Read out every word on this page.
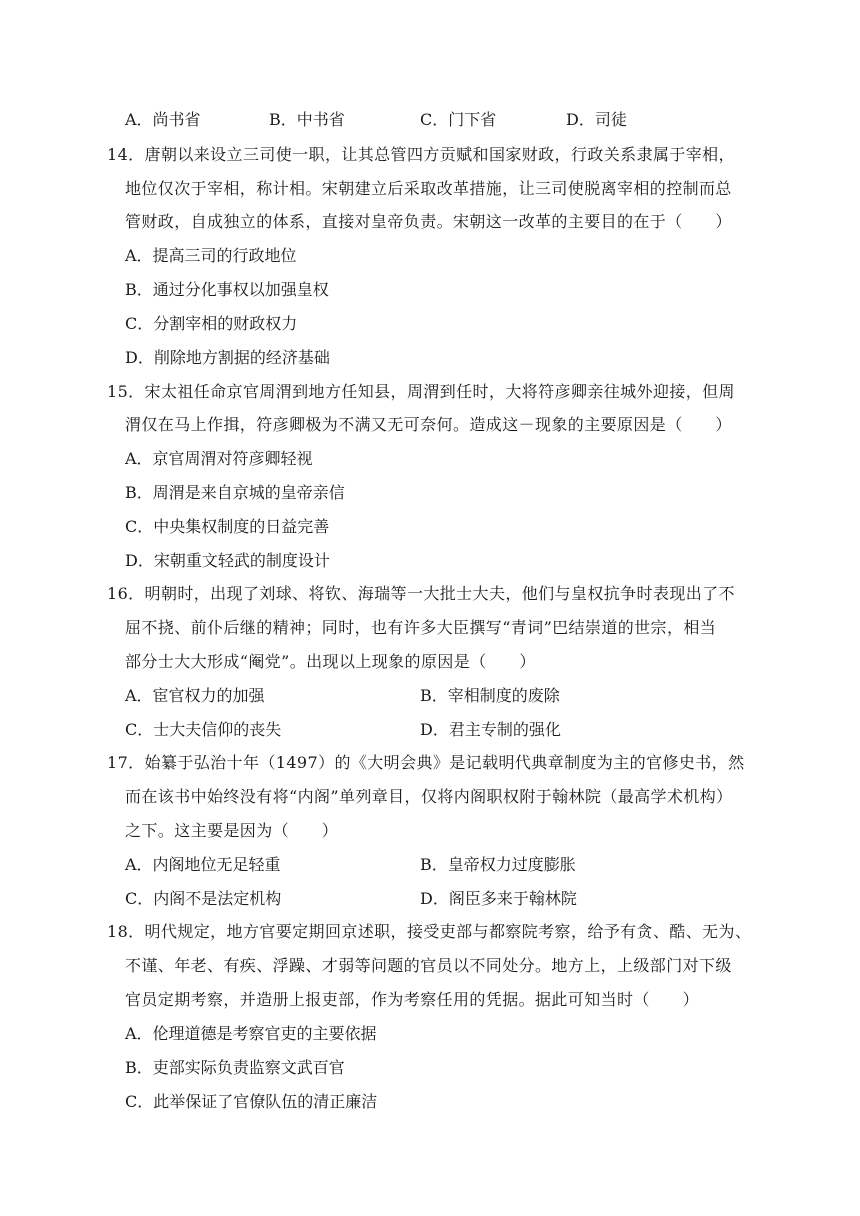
A．尚书省	B．中书省	C．门下省	D．司徒
14．唐朝以来设立三司使一职，让其总管四方贡赋和国家财政，行政关系隶属于宰相，
地位仅次于宰相，称计相。宋朝建立后采取改革措施，让三司使脱离宰相的控制而总
管财政，自成独立的体系，直接对皇帝负责。宋朝这一改革的主要目的在于（　　）
A．提高三司的行政地位
B．通过分化事权以加强皇权
C．分割宰相的财政权力
D．削除地方割据的经济基础
15．宋太祖任命京官周渭到地方任知县，周渭到任时，大将符彦卿亲往城外迎接，但周
渭仅在马上作揖，符彦卿极为不满又无可奈何。造成这－现象的主要原因是（　　）
A．京官周渭对符彦卿轻视
B．周渭是来自京城的皇帝亲信
C．中央集权制度的日益完善
D．宋朝重文轻武的制度设计
16．明朝时，出现了刘球、将钦、海瑞等一大批士大夫，他们与皇权抗争时表现出了不
屈不挠、前仆后继的精神；同时，也有许多大臣撰写“青词”巴结崇道的世宗，相当
部分士大大形成“阉党”。出现以上现象的原因是（　　）
A．宦官权力的加强	B．宰相制度的废除
C．士大夫信仰的丧失	D．君主专制的强化
17．始纂于弘治十年（1497）的《大明会典》是记载明代典章制度为主的官修史书，然
而在该书中始终没有将“内阁”单列章目，仅将内阁职权附于翰林院（最高学术机构）
之下。这主要是因为（　　）
A．内阁地位无足轻重	B．皇帝权力过度膨胀
C．内阁不是法定机构	D．阁臣多来于翰林院
18．明代规定，地方官要定期回京述职，接受吏部与都察院考察，给予有贪、酷、无为、
不谨、年老、有疾、浮躁、才弱等问题的官员以不同处分。地方上，上级部门对下级
官员定期考察，并造册上报吏部，作为考察任用的凭据。据此可知当时（　　）
A．伦理道德是考察官吏的主要依据
B．吏部实际负责监察文武百官
C．此举保证了官僚队伍的清正廉洁
